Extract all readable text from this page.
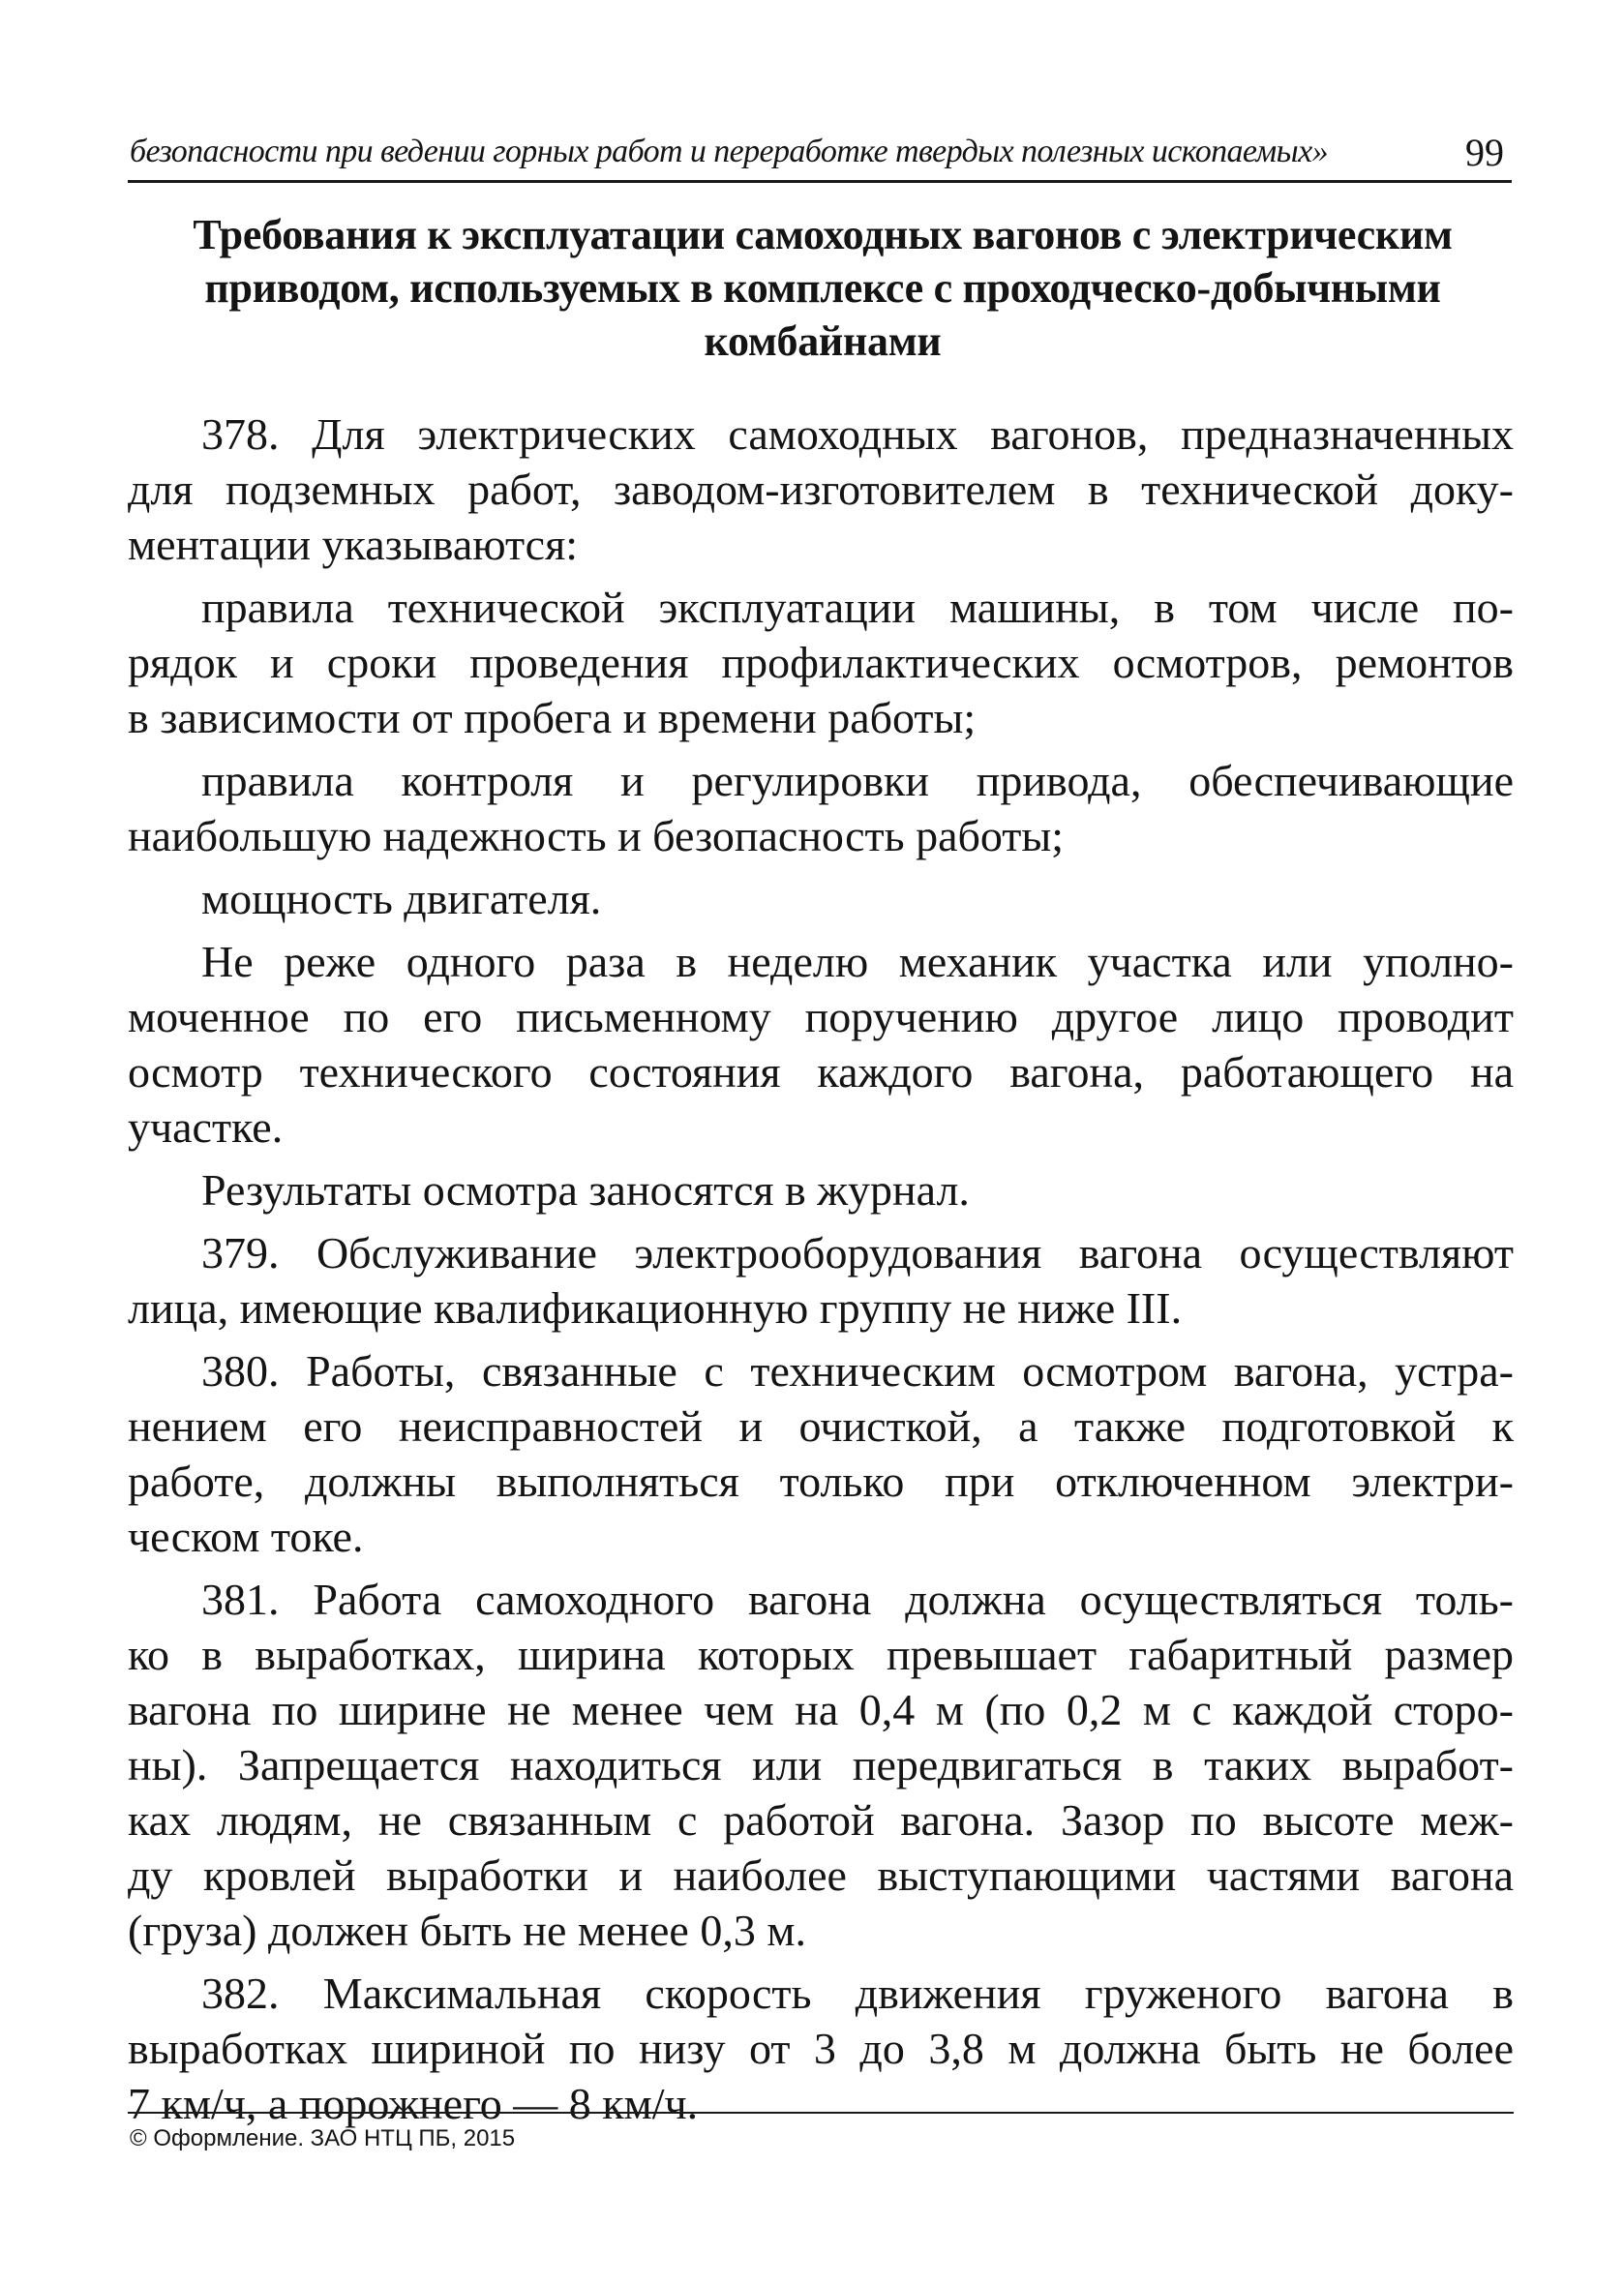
безопасности при ведении горных работ и переработке твердых полезных ископаемых»	99
Требования к эксплуатации самоходных вагонов с электрическим
приводом, используемых в комплексе с проходческо-добычными
комбайнами
378. Для электрических самоходных вагонов, предназначенных
для подземных работ, заводом-изготовителем в технической доку-
ментации указываются:
правила технической эксплуатации машины, в том числе по-
рядок и сроки проведения профилактических осмотров, ремонтов
в зависимости от пробега и времени работы;
правила контроля и регулировки привода, обеспечивающие
наибольшую надежность и безопасность работы;
мощность двигателя.
Не реже одного раза в неделю механик участка или уполно-
моченное по его письменному поручению другое лицо проводит
осмотр технического состояния каждого вагона, работающего на
участке.
Результаты осмотра заносятся в журнал.
379. Обслуживание электрооборудования вагона осуществляют
лица, имеющие квалификационную группу не ниже III.
380. Работы, связанные с техническим осмотром вагона, устра-
нением его неисправностей и очисткой, а также подготовкой к
работе, должны выполняться только при отключенном электри-
ческом токе.
381. Работа самоходного вагона должна осуществляться толь-
ко в выработках, ширина которых превышает габаритный размер
вагона по ширине не менее чем на 0,4 м (по 0,2 м с каждой сторо-
ны). Запрещается находиться или передвигаться в таких выработ-
ках людям, не связанным с работой вагона. Зазор по высоте меж-
ду кровлей выработки и наиболее выступающими частями вагона
(груза) должен быть не менее 0,3 м.
382. Максимальная скорость движения груженого вагона в
выработках шириной по низу от 3 до 3,8 м должна быть не более
7 км/ч, а порожнего — 8 км/ч.
© Оформление. ЗАО НТЦ ПБ, 2015
